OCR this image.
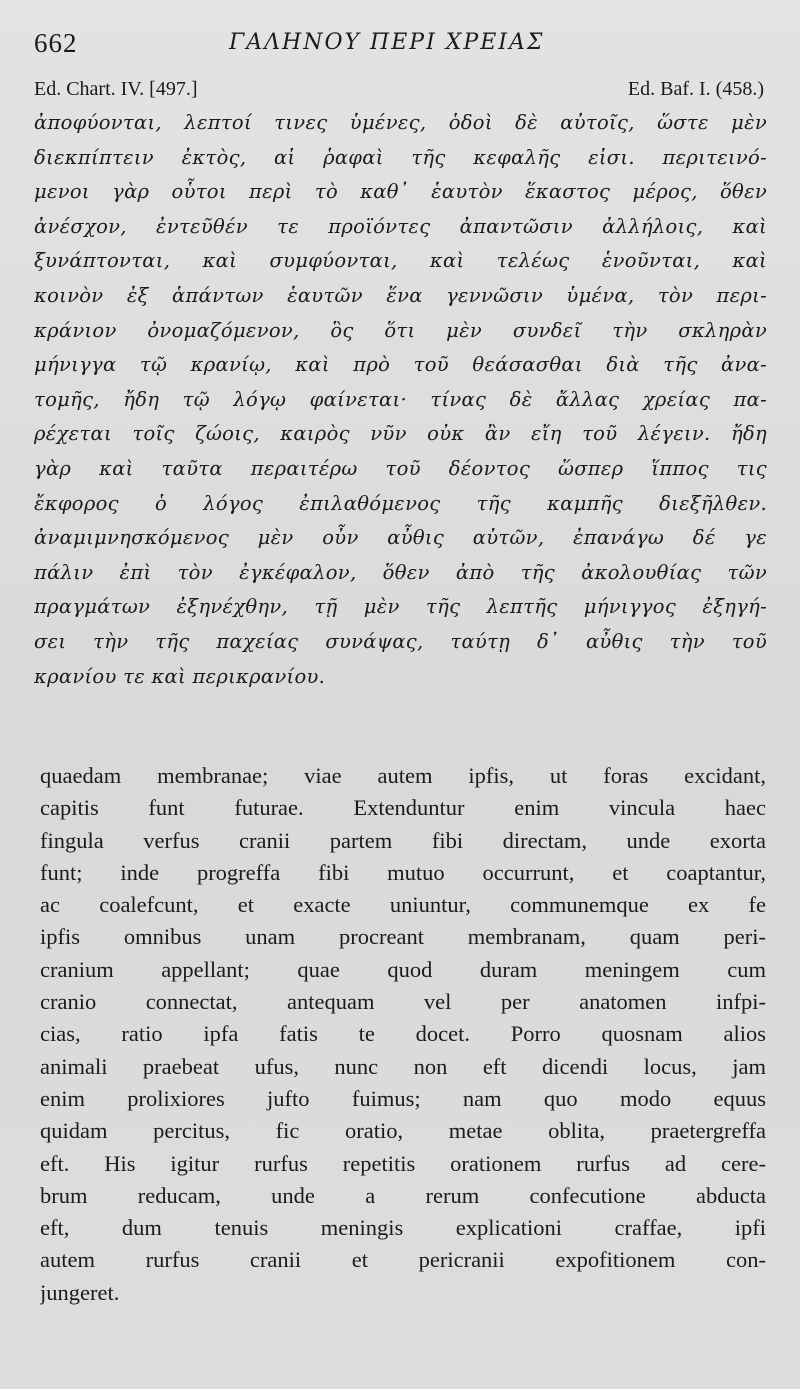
662	ΓΑΛΗΝΟΥ ΠΕΡΙ ΧΡΕΙΑΣ
Ed. Chart. IV. [497.]	Ed. Baf. I. (458.)
ἀποφύονται, λεπτοί τινες ὑμένες, ὁδοὶ δὲ αὐτοῖς, ὥστε μὲν
διεκπίπτειν ἐκτὸς, αἱ ῥαφαὶ τῆς κεφαλῆς εἰσι. περιτεινό-
μενοι γὰρ οὗτοι περὶ τὸ καθ᾽ ἑαυτὸν ἕκαστος μέρος, ὅθεν
ἀνέσχον, ἐντεῦθέν τε προϊόντες ἀπαντῶσιν ἀλλήλοις, καὶ
ξυνάπτονται, καὶ συμφύονται, καὶ τελέως ἑνοῦνται, καὶ
κοινὸν ἐξ ἁπάντων ἑαυτῶν ἕνα γεννῶσιν ὑμένα, τὸν περι-
κράνιον ὀνομαζόμενον, ὃς ὅτι μὲν συνδεῖ τὴν σκληρὰν
μήνιγγα τῷ κρανίῳ, καὶ πρὸ τοῦ θεάσασθαι διὰ τῆς ἀνα-
τομῆς, ἤδη τῷ λόγῳ φαίνεται· τίνας δὲ ἄλλας χρείας πα-
ρέχεται τοῖς ζώοις, καιρὸς νῦν οὐκ ἂν εἴη τοῦ λέγειν. ἤδη
γὰρ καὶ ταῦτα περαιτέρω τοῦ δέοντος ὥσπερ ἵππος τις
ἔκφορος ὁ λόγος ἐπιλαθόμενος τῆς καμπῆς διεξῆλθεν.
ἀναμιμνησκόμενος μὲν οὖν αὖθις αὐτῶν, ἐπανάγω δέ γε
πάλιν ἐπὶ τὸν ἐγκέφαλον, ὅθεν ἀπὸ τῆς ἀκολουθίας τῶν
πραγμάτων ἐξηνέχθην, τῇ μὲν τῆς λεπτῆς μήνιγγος ἐξηγή-
σει τὴν τῆς παχείας συνάψας, ταύτῃ δ᾽ αὖθις τὴν τοῦ
κρανίου τε καὶ περικρανίου.
quaedam membranae; viae autem ipfis, ut foras excidant,
capitis funt futurae. Extenduntur enim vincula haec
fingula verfus cranii partem fibi directam, unde exorta
funt; inde progreffa fibi mutuo occurrunt, et coaptantur,
ac coalefcunt, et exacte uniuntur, communemque ex fe
ipfis omnibus unam procreant membranam, quam peri-
cranium appellant; quae quod duram meningem cum
cranio connectat, antequam vel per anatomen infpi-
cias, ratio ipfa fatis te docet. Porro quosnam alios
animali praebeat ufus, nunc non eft dicendi locus, jam
enim prolixiores jufto fuimus; nam quo modo equus
quidam percitus, fic oratio, metae oblita, praetergreffa
eft. His igitur rurfus repetitis orationem rurfus ad cere-
brum reducam, unde a rerum confecutione abducta
eft, dum tenuis meningis explicationi craffae, ipfi
autem rurfus cranii et pericranii expofitionem con-
jungeret.
